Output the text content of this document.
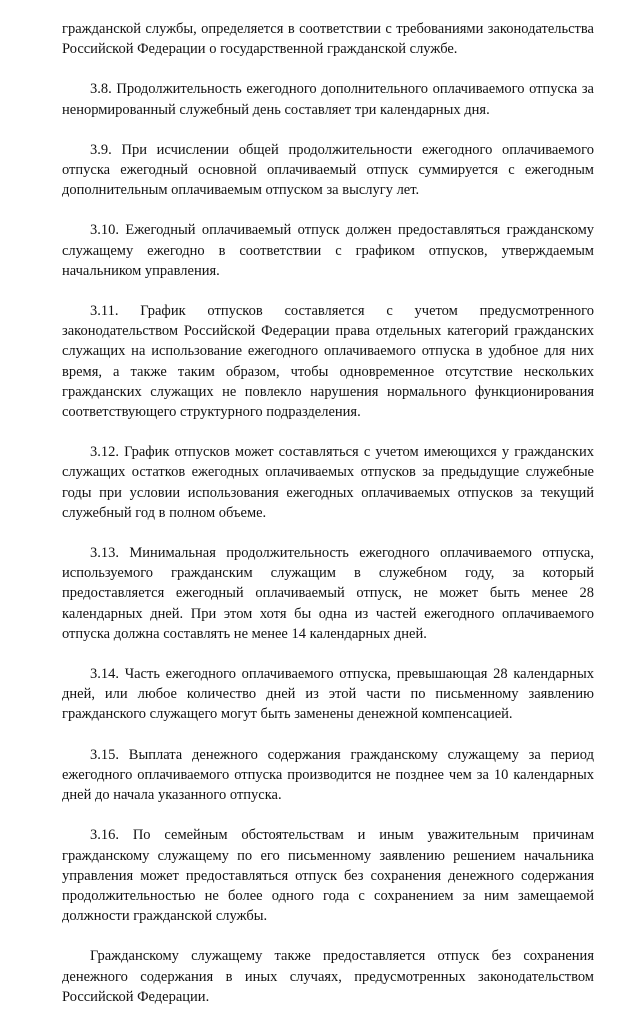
гражданской службы, определяется в соответствии с требованиями законодательства Российской Федерации о государственной гражданской службе.

3.8. Продолжительность ежегодного дополнительного оплачиваемого отпуска за ненормированный служебный день составляет три календарных дня.

3.9. При исчислении общей продолжительности ежегодного оплачиваемого отпуска ежегодный основной оплачиваемый отпуск суммируется с ежегодным дополнительным оплачиваемым отпуском за выслугу лет.

3.10. Ежегодный оплачиваемый отпуск должен предоставляться гражданскому служащему ежегодно в соответствии с графиком отпусков, утверждаемым начальником управления.

3.11. График отпусков составляется с учетом предусмотренного законодательством Российской Федерации права отдельных категорий гражданских служащих на использование ежегодного оплачиваемого отпуска в удобное для них время, а также таким образом, чтобы одновременное отсутствие нескольких гражданских служащих не повлекло нарушения нормального функционирования соответствующего структурного подразделения.

3.12. График отпусков может составляться с учетом имеющихся у гражданских служащих остатков ежегодных оплачиваемых отпусков за предыдущие служебные годы при условии использования ежегодных оплачиваемых отпусков за текущий служебный год в полном объеме.

3.13. Минимальная продолжительность ежегодного оплачиваемого отпуска, используемого гражданским служащим в служебном году, за который предоставляется ежегодный оплачиваемый отпуск, не может быть менее 28 календарных дней. При этом хотя бы одна из частей ежегодного оплачиваемого отпуска должна составлять не менее 14 календарных дней.

3.14. Часть ежегодного оплачиваемого отпуска, превышающая 28 календарных дней, или любое количество дней из этой части по письменному заявлению гражданского служащего могут быть заменены денежной компенсацией.

3.15. Выплата денежного содержания гражданскому служащему за период ежегодного оплачиваемого отпуска производится не позднее чем за 10 календарных дней до начала указанного отпуска.

3.16. По семейным обстоятельствам и иным уважительным причинам гражданскому служащему по его письменному заявлению решением начальника управления может предоставляться отпуск без сохранения денежного содержания продолжительностью не более одного года с сохранением за ним замещаемой должности гражданской службы.

Гражданскому служащему также предоставляется отпуск без сохранения денежного содержания в иных случаях, предусмотренных законодательством Российской Федерации.
